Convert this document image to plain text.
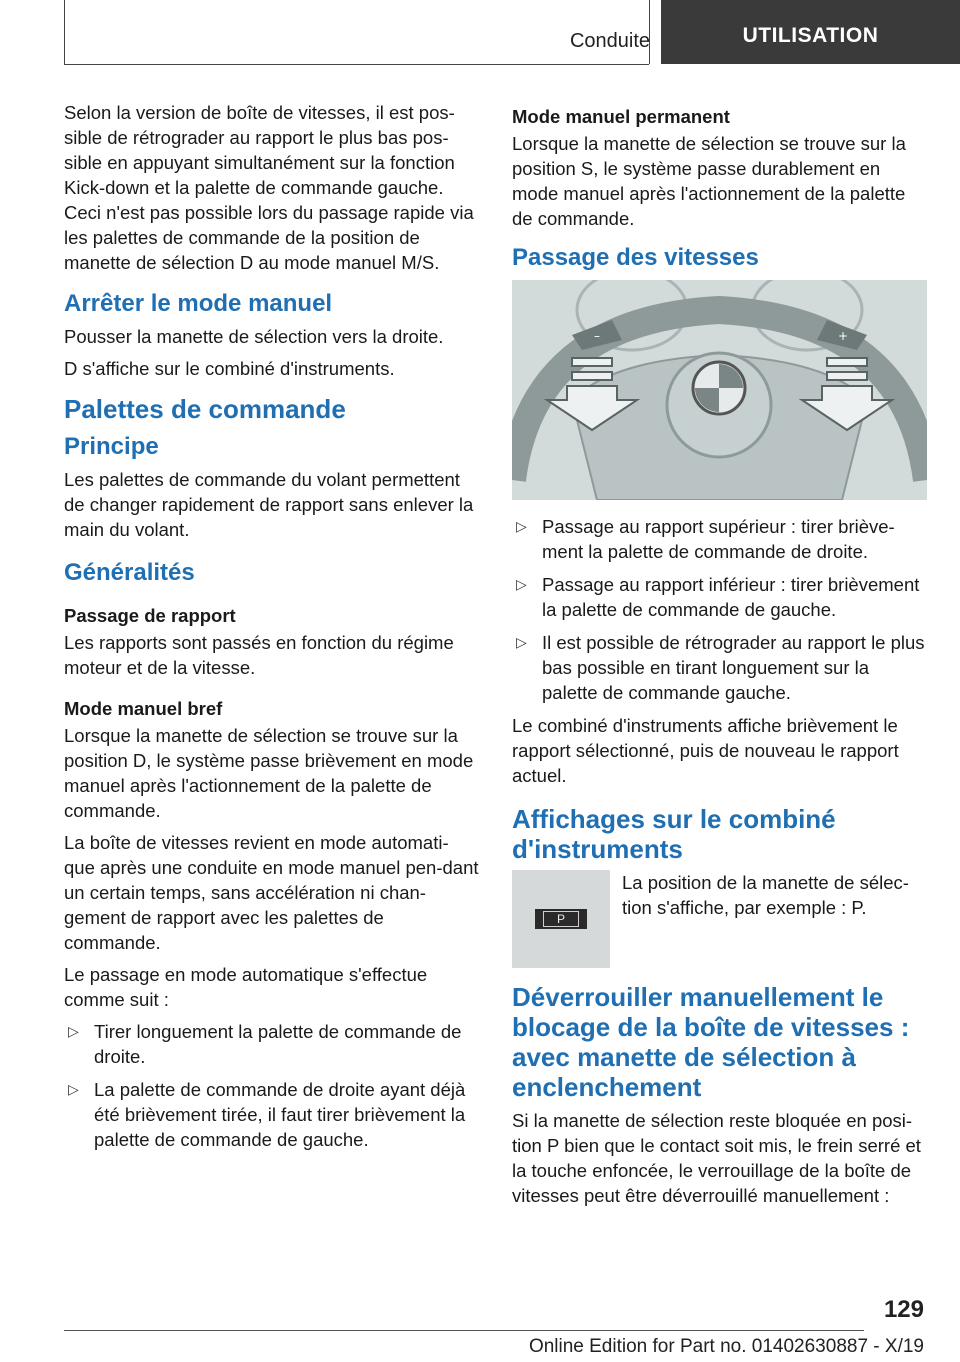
Conduite	UTILISATION

Selon la version de boîte de vitesses, il est pos-sible de rétrograder au rapport le plus bas pos-sible en appuyant simultanément sur la fonction Kick-down et la palette de commande gauche. Ceci n'est pas possible lors du passage rapide via les palettes de commande de la position de manette de sélection D au mode manuel M/S.

Arrêter le mode manuel

Pousser la manette de sélection vers la droite.

D s'affiche sur le combiné d'instruments.

Palettes de commande
Principe

Les palettes de commande du volant permettent de changer rapidement de rapport sans enlever la main du volant.

Généralités
Passage de rapport

Les rapports sont passés en fonction du régime moteur et de la vitesse.

Mode manuel bref

Lorsque la manette de sélection se trouve sur la position D, le système passe brièvement en mode manuel après l'actionnement de la palette de commande.

La boîte de vitesses revient en mode automati-que après une conduite en mode manuel pen-dant un certain temps, sans accélération ni chan-gement de rapport avec les palettes de commande.

Le passage en mode automatique s'effectue comme suit :

▷ Tirer longuement la palette de commande de droite.
▷ La palette de commande de droite ayant déjà été brièvement tirée, il faut tirer brièvement la palette de commande de gauche.
Mode manuel permanent

Lorsque la manette de sélection se trouve sur la position S, le système passe durablement en mode manuel après l'actionnement de la palette de commande.

Passage des vitesses
–	+
▷ Passage au rapport supérieur : tirer briève-ment la palette de commande de droite.
▷ Passage au rapport inférieur : tirer brièvement la palette de commande de gauche.
▷ Il est possible de rétrograder au rapport le plus bas possible en tirant longuement sur la palette de commande gauche.

Le combiné d'instruments affiche brièvement le rapport sélectionné, puis de nouveau le rapport actuel.

Affichages sur le combiné d'instruments
P

La position de la manette de sélec-tion s'affiche, par exemple : P.

Déverrouiller manuellement le blocage de la boîte de vitesses : avec manette de sélection à enclenchement

Si la manette de sélection reste bloquée en posi-tion P bien que le contact soit mis, le frein serré et la touche enfoncée, le verrouillage de la boîte de vitesses peut être déverrouillé manuellement :

129
Online Edition for Part no. 01402630887 - X/19
